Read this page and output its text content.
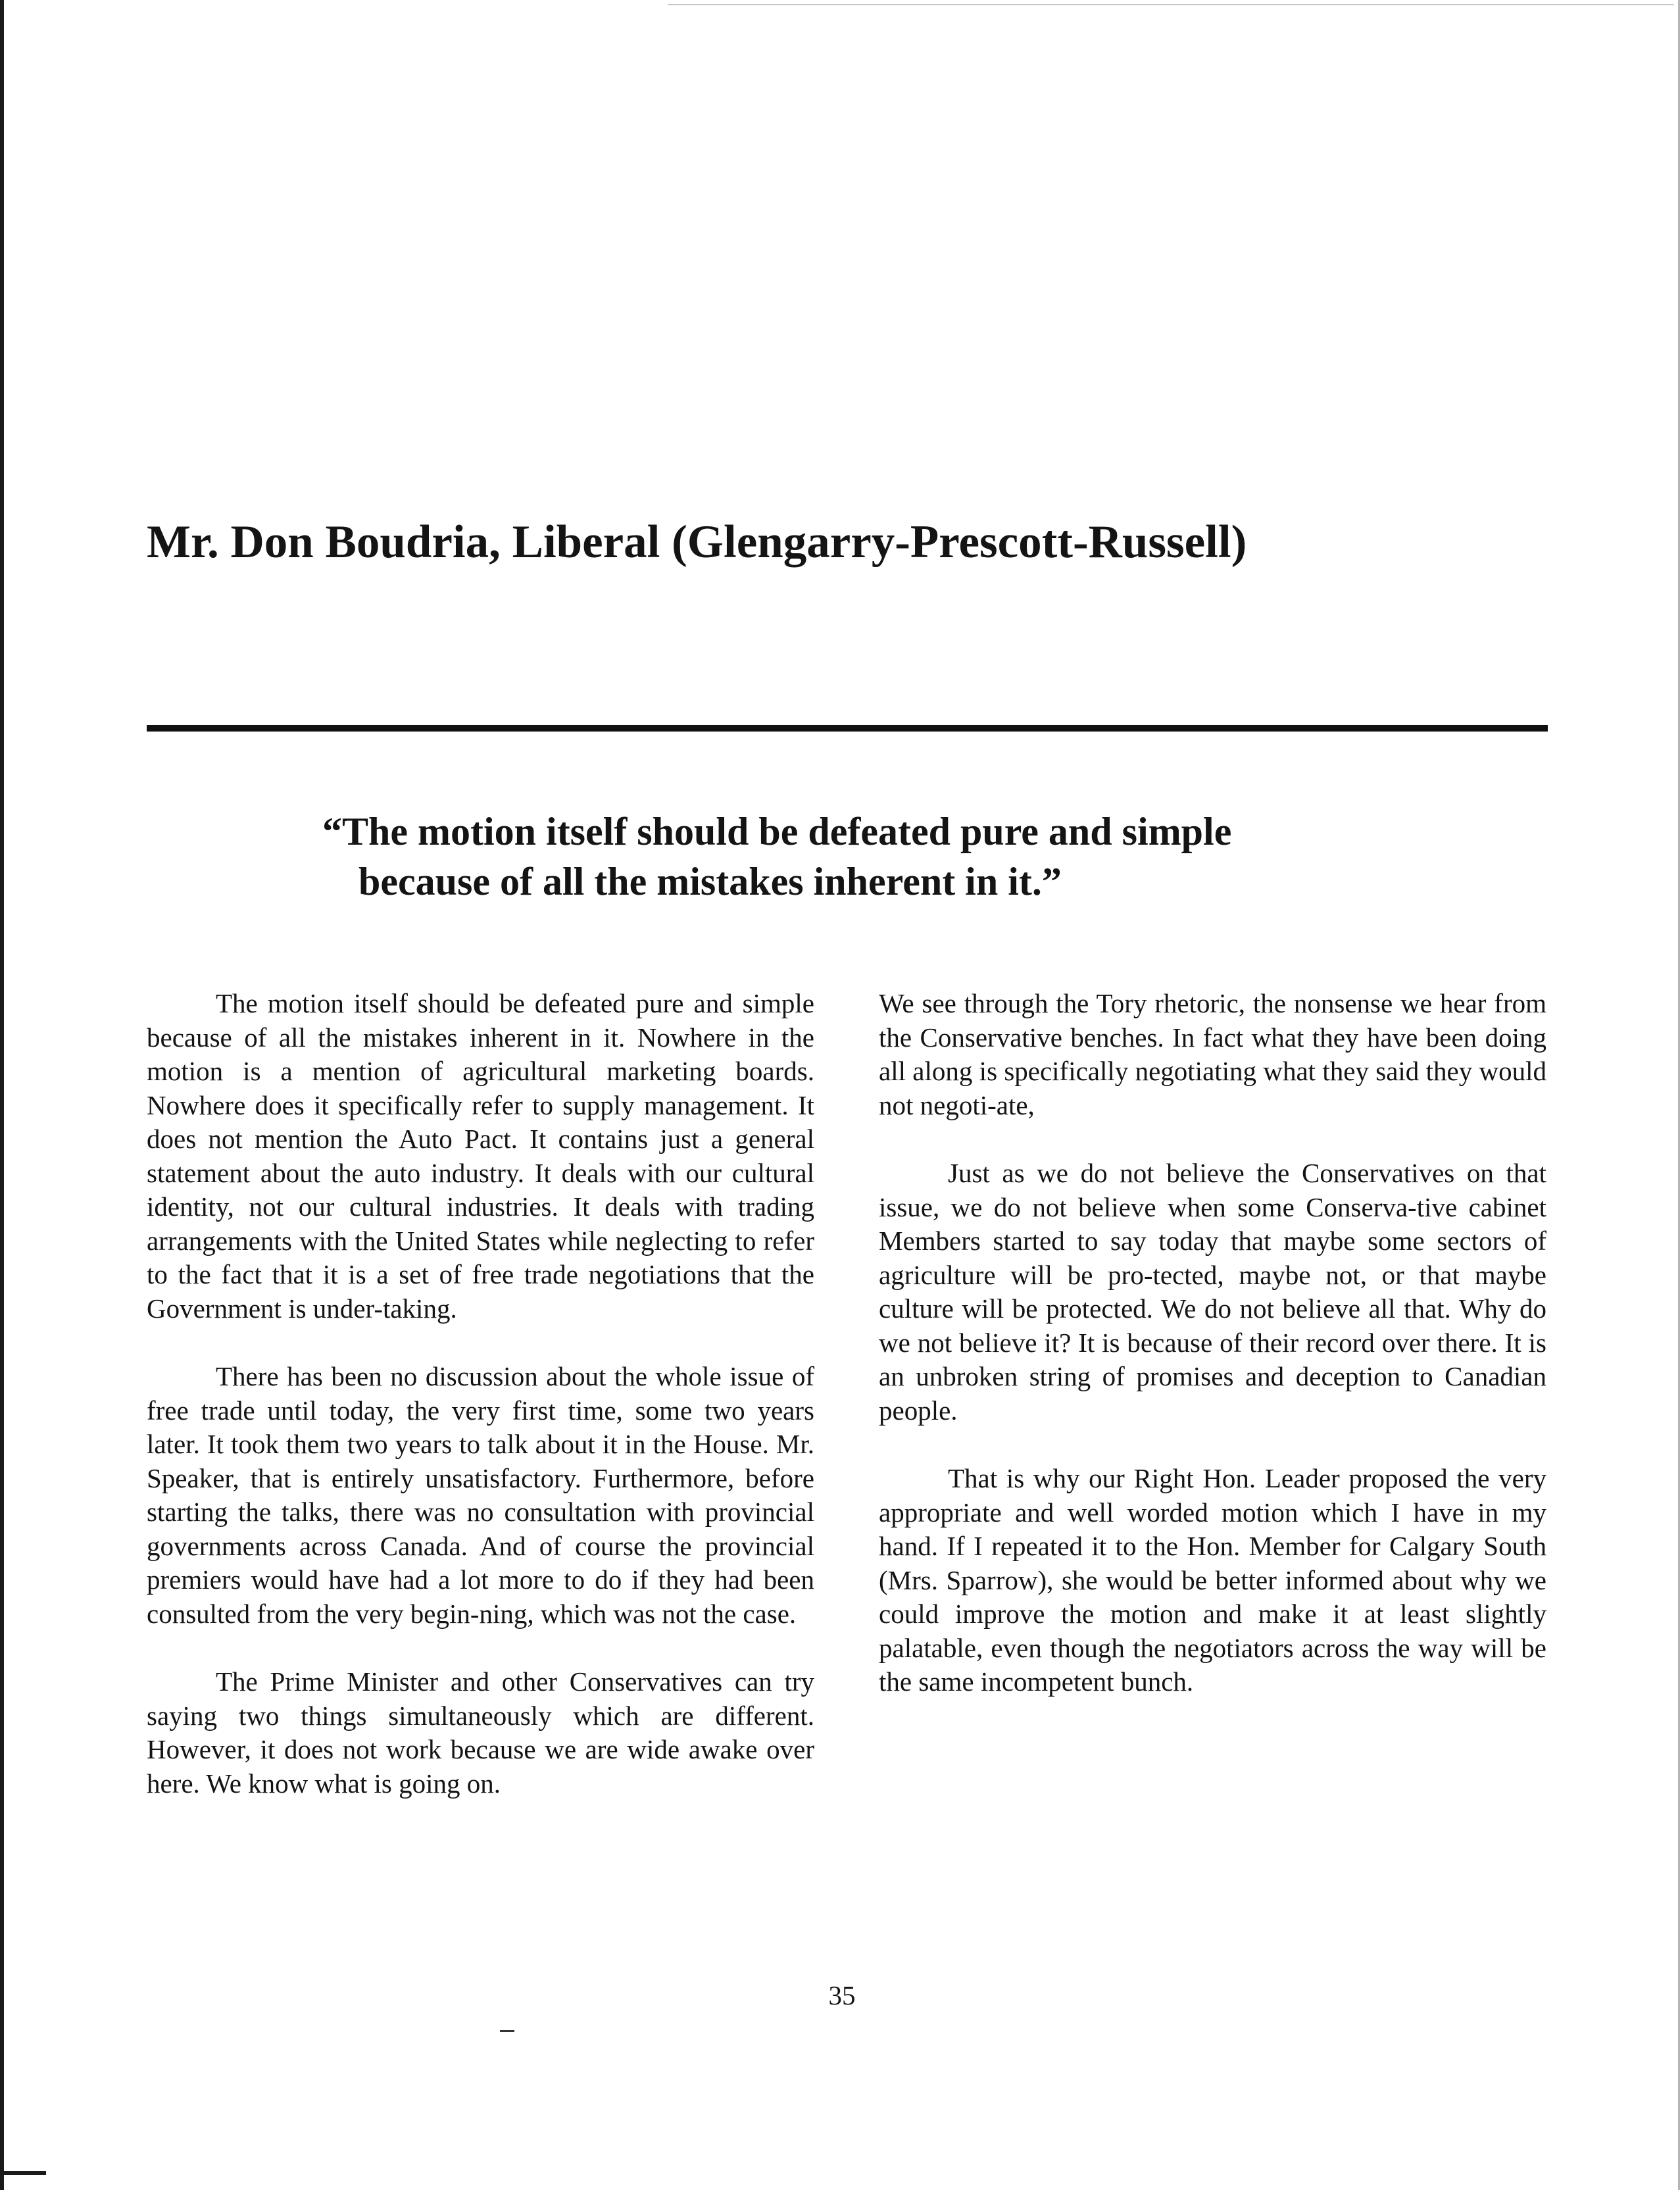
Mr. Don Boudria, Liberal (Glengarry-Prescott-Russell)
“The motion itself should be defeated pure and simple
because of all the mistakes inherent in it.”

The motion itself should be defeated pure and simple because of all the mistakes inherent in it. Nowhere in the motion is a mention of agricultural marketing boards. Nowhere does it specifically refer to supply management. It does not mention the Auto Pact. It contains just a general statement about the auto industry. It deals with our cultural identity, not our cultural industries. It deals with trading arrangements with the United States while neglecting to refer to the fact that it is a set of free trade negotiations that the Government is under-taking.

There has been no discussion about the whole issue of free trade until today, the very first time, some two years later. It took them two years to talk about it in the House. Mr. Speaker, that is entirely unsatisfactory. Furthermore, before starting the talks, there was no consultation with provincial governments across Canada. And of course the provincial premiers would have had a lot more to do if they had been consulted from the very begin-ning, which was not the case.

The Prime Minister and other Conservatives can try saying two things simultaneously which are different. However, it does not work because we are wide awake over here. We know what is going on.

We see through the Tory rhetoric, the nonsense we hear from the Conservative benches. In fact what they have been doing all along is specifically negotiating what they said they would not negoti-ate,

Just as we do not believe the Conservatives on that issue, we do not believe when some Conserva-tive cabinet Members started to say today that maybe some sectors of agriculture will be pro-tected, maybe not, or that maybe culture will be protected. We do not believe all that. Why do we not believe it? It is because of their record over there. It is an unbroken string of promises and deception to Canadian people.

That is why our Right Hon. Leader proposed the very appropriate and well worded motion which I have in my hand. If I repeated it to the Hon. Member for Calgary South (Mrs. Sparrow), she would be better informed about why we could improve the motion and make it at least slightly palatable, even though the negotiators across the way will be the same incompetent bunch.

35
